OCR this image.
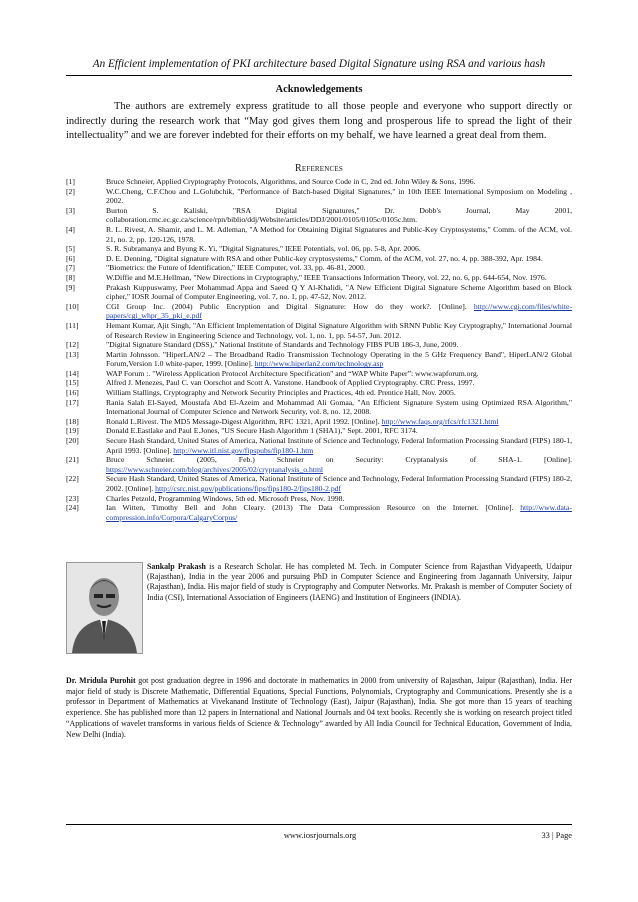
An Efficient implementation of PKI architecture based Digital Signature using RSA and various hash
Acknowledgements
The authors are extremely express gratitude to all those people and everyone who support directly or indirectly during the research work that “May god gives them long and prosperous life to spread the light of their intellectuality” and we are forever indebted for their efforts on my behalf, we have learned a great deal from them.
References
[1]	Bruce Schneier, Applied Cryptography Protocols, Algorithms, and Source Code in C, 2nd ed. John Wiley & Sons, 1996.
[2]	W.C.Cheng, C.F.Chou and L.Golubchik, "Performance of Batch-based Digital Signatures," in 10th IEEE International Symposium on Modeling , 2002.
[3]	Burton S. Kaliski, "RSA Digital Signatures," Dr. Dobb's Journal, May 2001, collaboration.cmc.ec.gc.ca/science/rpn/biblio/ddj/Website/articles/DDJ/2001/0105/0105c/0105c.htm.
[4]	R. L. Rivest, A. Shamir, and L. M. Adleman, "A Method for Obtaining Digital Signatures and Public-Key Cryptosystems," Comm. of the ACM, vol. 21, no. 2, pp. 120-126, 1978.
[5]	S. R. Subramanya and Byung K. Yi, "Digital Signatures," IEEE Potentials, vol. 06, pp. 5-8, Apr. 2006.
[6]	D. E. Denning, "Digital signature with RSA and other Public-key cryptosystems," Comm. of the ACM, vol. 27, no. 4, pp. 388-392, Apr. 1984.
[7]	"Biometrics: the Future of Identification," IEEE Computer, vol. 33, pp. 46-81, 2000.
[8]	W.Diffie and M.E.Hellman, "New Directions in Cryptography," IEEE Transactions Information Theory, vol. 22, no. 6, pp. 644-654, Nov. 1976.
[9]	Prakash Kuppuswamy, Peer Mohammad Appa and Saeed Q Y Al-Khalidi, "A New Efficient Digital Signature Scheme Algorithm based on Block cipher," IOSR Journal of Computer Engineering, vol. 7, no. 1, pp. 47-52, Nov. 2012.
[10]	CGI Group Inc. (2004) Public Encryption and Digital Signature: How do they work?. [Online]. http://www.cgi.com/files/white-papers/cgi_whpr_35_pki_e.pdf
[11]	Hemant Kumar, Ajit Singh, "An Efficient Implementation of Digital Signature Algorithm with SRNN Public Key Cryptography," International Journal of Research Review in Engineering Science and Technology, vol. 1, no. 1, pp. 54-57, Jun. 2012.
[12]	"Digital Signature Standard (DSS)," National Institute of Standards and Technology FIBS PUB 186-3, June, 2009.
[13]	Martin Johnsson. "HiperLAN/2 – The Broadband Radio Transmission Technology Operating in the 5 GHz Frequency Band", HiperLAN/2 Global Forum,Version 1.0 white-paper, 1999. [Online]. http://www.hiperlan2.com/technology.asp
[14]	WAP Forum :. "Wireless Application Protocol Architecture Specification" and “WAP White Paper”: www.wapforum.org.
[15]	Alfred J. Menezes, Paul C. van Oorschot and Scott A. Vanstone. Handbook of Applied Cryptography. CRC Press, 1997.
[16]	William Stallings, Cryptography and Network Security Principles and Practices, 4th ed. Prentice Hall, Nov. 2005.
[17]	Rania Salah El-Sayed, Moustafa Abd El-Azeim and Mohammad Ali Gomaa, "An Efficient Signature System using Optimized RSA Algorithm," International Journal of Computer Science and Network Security, vol. 8, no. 12, 2008.
[18]	Ronald L.Rivest. The MD5 Message-Digest Algorithm, RFC 1321, April 1992. [Online]. http://www.faqs.org/rfcs/rfc1321.html
[19]	Donald E.Eastlake and Paul E.Jones, "US Secure Hash Algorithm 1 (SHA1)," Sept. 2001, RFC 3174.
[20]	Secure Hash Standard, United States of America, National Institute of Science and Technology, Federal Information Processing Standard (FIPS) 180-1, April 1993. [Online]. http://www.itl.nist.gov/fipspubs/fip180-1.htm
[21]	Bruce Schneier. (2005, Feb.) Schneier on Security: Cryptanalysis of SHA-1. [Online]. https://www.schneier.com/blog/archives/2005/02/cryptanalysis_o.html
[22]	Secure Hash Standard, United States of America, National Institute of Science and Technology, Federal Information Processing Standard (FIPS) 180-2, 2002. [Online]. http://csrc.nist.gov/publications/fips/fips180-2/fips180-2.pdf
[23]	Charles Petzold, Programming Windows, 5th ed. Microsoft Press, Nov. 1998.
[24]	Ian Witten, Timothy Bell and John Cleary. (2013) The Data Compression Resource on the Internet. [Online]. http://www.data-compression.info/Corpora/CalgaryCorpus/
Sankalp Prakash is a Research Scholar. He has completed M. Tech. in Computer Science from Rajasthan Vidyapeeth, Udaipur (Rajasthan), India in the year 2006 and pursuing PhD in Computer Science and Engineering from Jagannath University, Jaipur (Rajasthan), India. His major field of study is Cryptography and Computer Networks. Mr. Prakash is member of Computer Society of India (CSI), International Association of Engineers (IAENG) and Institution of Engineers (INDIA).
Dr. Mridula Purohit got post graduation degree in 1996 and doctorate in mathematics in 2000 from university of Rajasthan, Jaipur (Rajasthan), India. Her major field of study is Discrete Mathematic, Differential Equations, Special Functions, Polynomials, Cryptography and Communications. Presently she is a professor in Department of Mathematics at Vivekanand Institute of Technology (East), Jaipur (Rajasthan), India. She got more than 15 years of teaching experience. She has published more than 12 papers in International and National Journals and 04 text books. Recently she is working on research project titled “Applications of wavelet transforms in various fields of Science & Technology” awarded by All India Council for Technical Education, Government of India, New Delhi (India).
www.iosrjournals.org	33 | Page
